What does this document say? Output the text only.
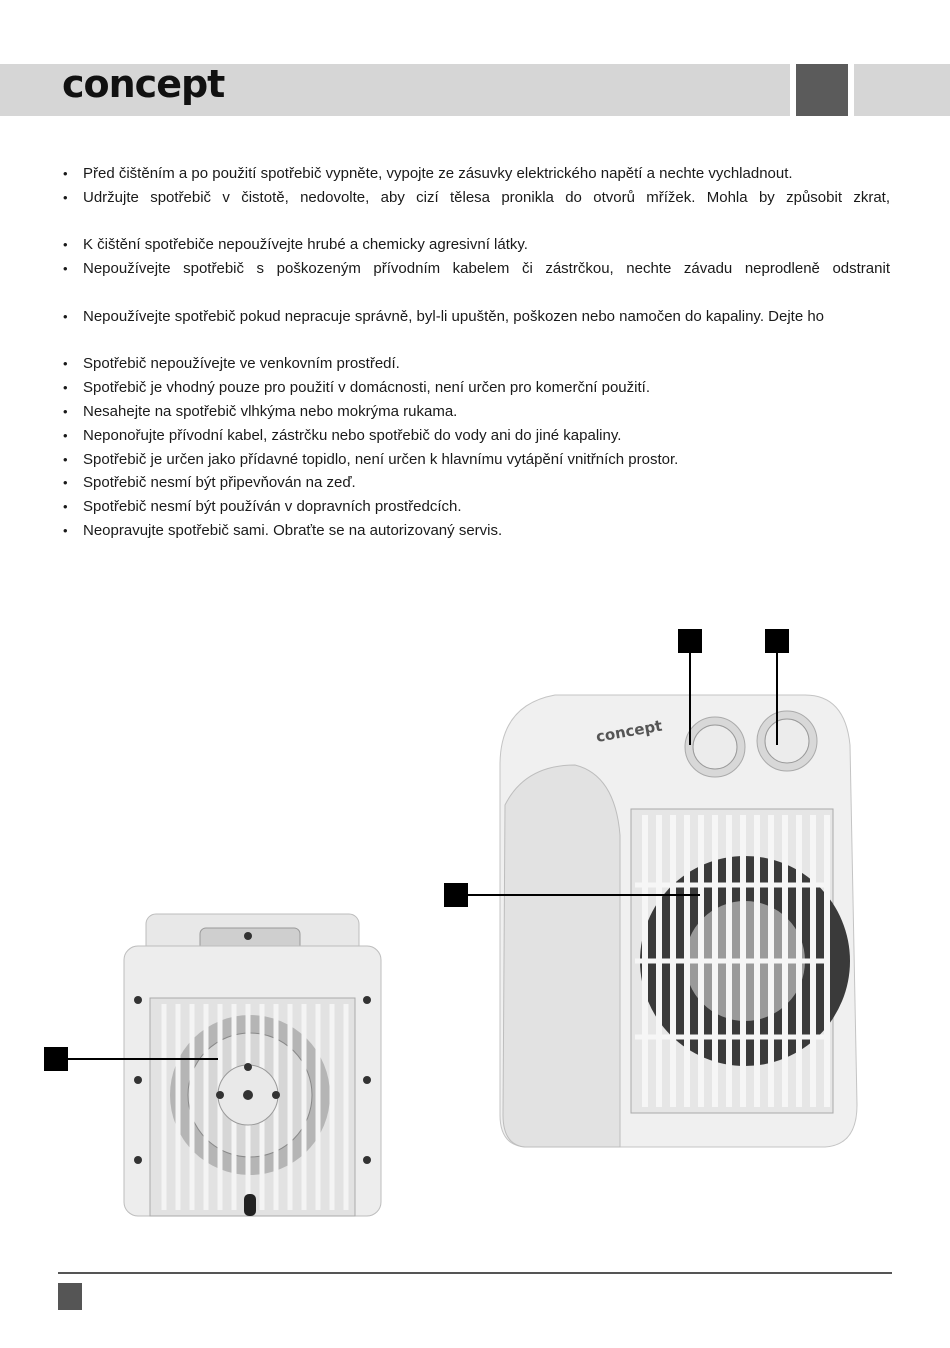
concept
• Před čištěním a po použití spotřebič vypněte, vypojte ze zásuvky elektrického napětí a nechte vychladnout.
• Udržujte spotřebič v čistotě, nedovolte, aby cizí tělesa pronikla do otvorů mřížek. Mohla by způsobit zkrat,
• K čištění spotřebiče nepoužívejte hrubé a chemicky agresivní látky.
• Nepoužívejte spotřebič s poškozeným přívodním kabelem či zástrčkou, nechte závadu neprodleně odstranit
• Nepoužívejte spotřebič pokud nepracuje správně, byl-li upuštěn, poškozen nebo namočen do kapaliny. Dejte ho
• Spotřebič nepoužívejte ve venkovním prostředí.
• Spotřebič je vhodný pouze pro použití v domácnosti, není určen pro komerční použití.
• Nesahejte na spotřebič vlhkýma nebo mokrýma rukama.
• Neponořujte přívodní kabel, zástrčku nebo spotřebič do vody ani do jiné kapaliny.
• Spotřebič je určen jako přídavné topidlo, není určen k hlavnímu vytápění vnitřních prostor.
• Spotřebič nesmí být připevňován na zeď.
• Spotřebič nesmí být používán v dopravních prostředcích.
• Neopravujte spotřebič sami. Obraťte se na autorizovaný servis.
concept
